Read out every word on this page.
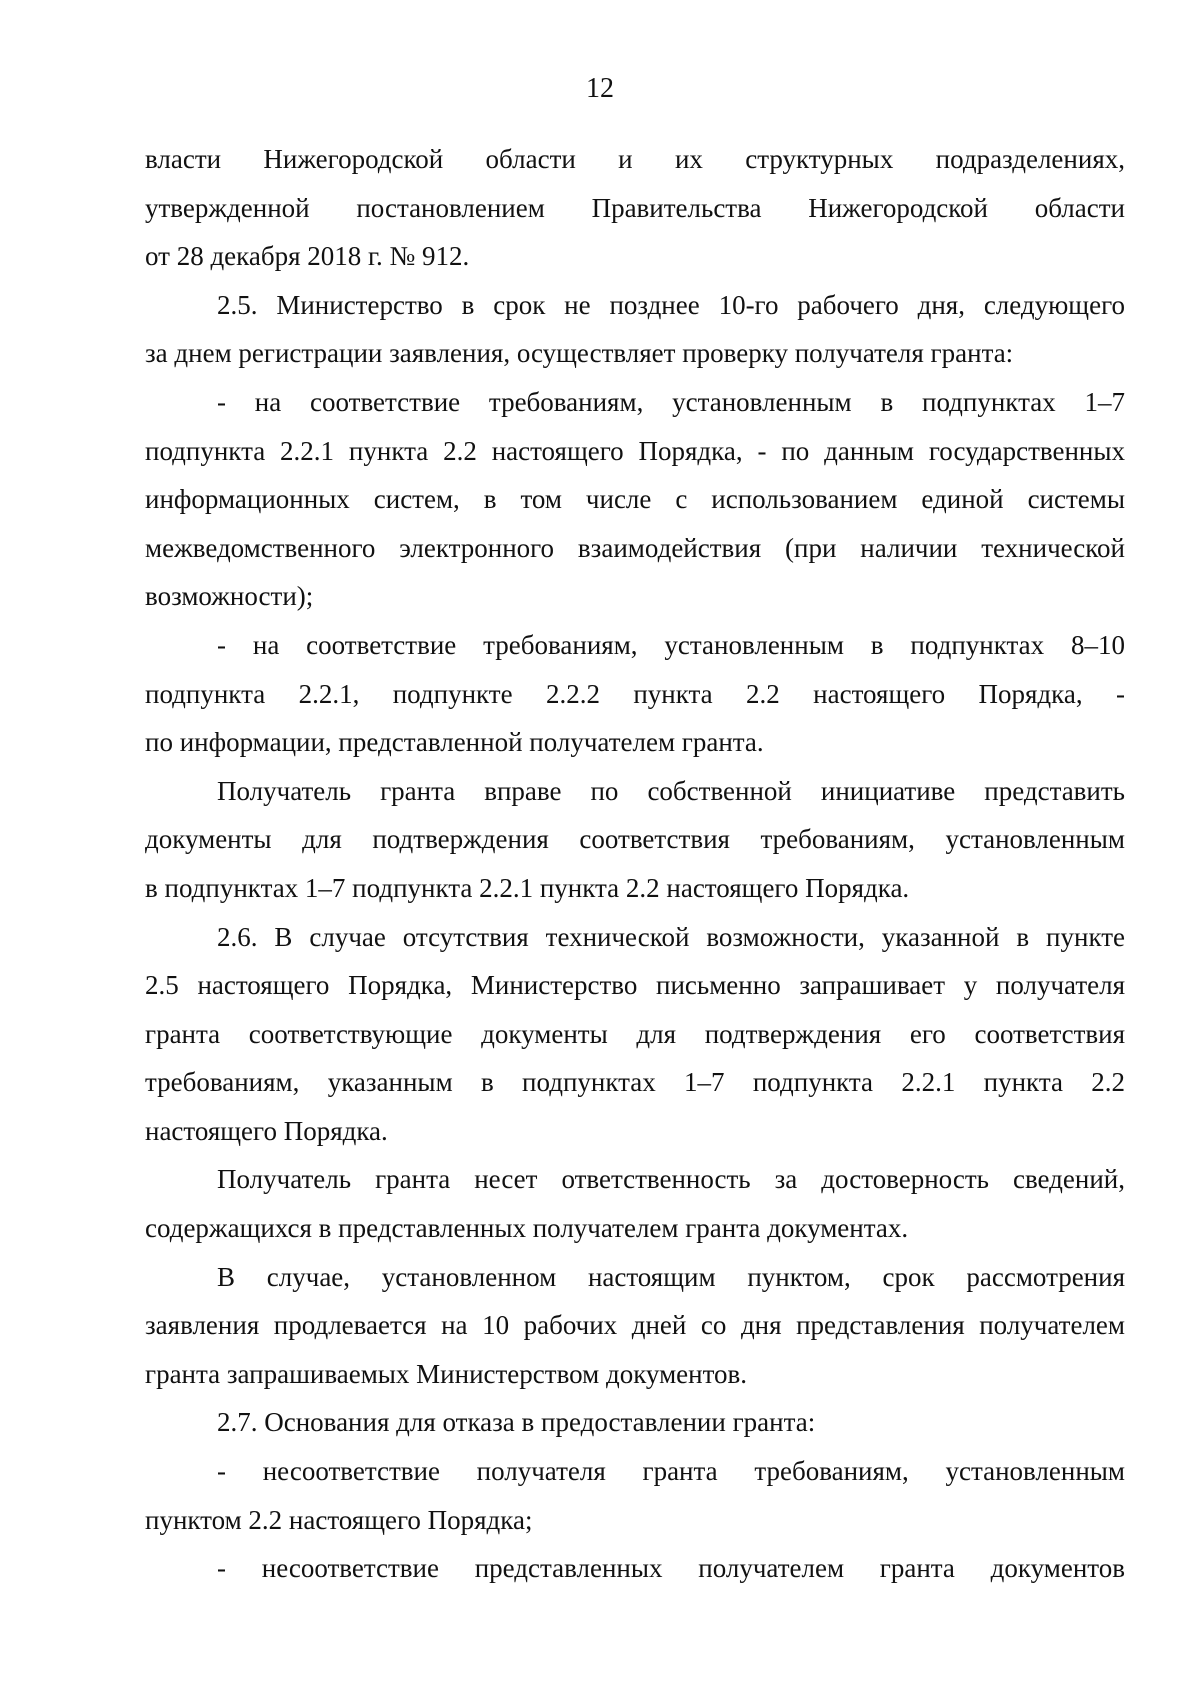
12
власти Нижегородской области и их структурных подразделениях,
утвержденной постановлением Правительства Нижегородской области
от 28 декабря 2018 г. № 912.
2.5. Министерство в срок не позднее 10-го рабочего дня, следующего
за днем регистрации заявления, осуществляет проверку получателя гранта:
- на соответствие требованиям, установленным в подпунктах 1–7
подпункта 2.2.1 пункта 2.2 настоящего Порядка, - по данным государственных
информационных систем, в том числе с использованием единой системы
межведомственного электронного взаимодействия (при наличии технической
возможности);
- на соответствие требованиям, установленным в подпунктах 8–10
подпункта 2.2.1, подпункте 2.2.2 пункта 2.2 настоящего Порядка, -
по информации, представленной получателем гранта.
Получатель гранта вправе по собственной инициативе представить
документы для подтверждения соответствия требованиям, установленным
в подпунктах 1–7 подпункта 2.2.1 пункта 2.2 настоящего Порядка.
2.6. В случае отсутствия технической возможности, указанной в пункте
2.5 настоящего Порядка, Министерство письменно запрашивает у получателя
гранта соответствующие документы для подтверждения его соответствия
требованиям, указанным в подпунктах 1–7 подпункта 2.2.1 пункта 2.2
настоящего Порядка.
Получатель гранта несет ответственность за достоверность сведений,
содержащихся в представленных получателем гранта документах.
В случае, установленном настоящим пунктом, срок рассмотрения
заявления продлевается на 10 рабочих дней со дня представления получателем
гранта запрашиваемых Министерством документов.
2.7. Основания для отказа в предоставлении гранта:
- несоответствие получателя гранта требованиям, установленным
пунктом 2.2 настоящего Порядка;
- несоответствие представленных получателем гранта документов
